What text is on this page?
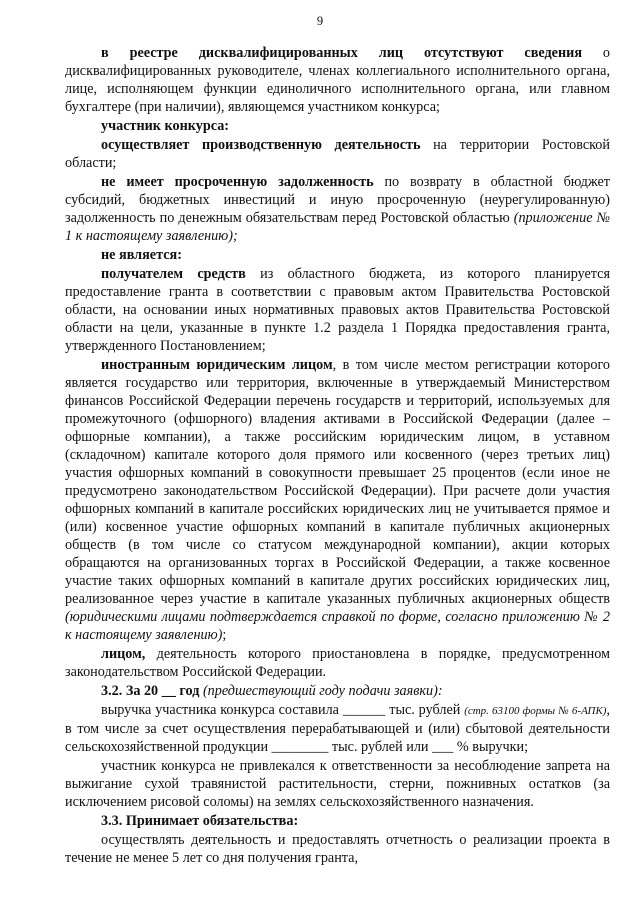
9

в реестре дисквалифицированных лиц отсутствуют сведения о дисквалифицированных руководителе, членах коллегиального исполнительного органа, лице, исполняющем функции единоличного исполнительного органа, или главном бухгалтере (при наличии), являющемся участником конкурса;

участник конкурса:

осуществляет производственную деятельность на территории Ростовской области;

не имеет просроченную задолженность по возврату в областной бюджет субсидий, бюджетных инвестиций и иную просроченную (неурегулированную) задолженность по денежным обязательствам перед Ростовской областью (приложение № 1 к настоящему заявлению);

не является:

получателем средств из областного бюджета, из которого планируется предоставление гранта в соответствии с правовым актом Правительства Ростовской области, на основании иных нормативных правовых актов Правительства Ростовской области на цели, указанные в пункте 1.2 раздела 1 Порядка предоставления гранта, утвержденного Постановлением;

иностранным юридическим лицом, в том числе местом регистрации которого является государство или территория, включенные в утверждаемый Министерством финансов Российской Федерации перечень государств и территорий, используемых для промежуточного (офшорного) владения активами в Российской Федерации (далее – офшорные компании), а также российским юридическим лицом, в уставном (складочном) капитале которого доля прямого или косвенного (через третьих лиц) участия офшорных компаний в совокупности превышает 25 процентов (если иное не предусмотрено законодательством Российской Федерации). При расчете доли участия офшорных компаний в капитале российских юридических лиц не учитывается прямое и (или) косвенное участие офшорных компаний в капитале публичных акционерных обществ (в том числе со статусом международной компании), акции которых обращаются на организованных торгах в Российской Федерации, а также косвенное участие таких офшорных компаний в капитале других российских юридических лиц, реализованное через участие в капитале указанных публичных акционерных обществ (юридическими лицами подтверждается справкой по форме, согласно приложению № 2 к настоящему заявлению);

лицом, деятельность которого приостановлена в порядке, предусмотренном законодательством Российской Федерации.

3.2. За 20 __ год (предшествующий году подачи заявки):

выручка участника конкурса составила ______ тыс. рублей (стр. 63100 формы № 6-АПК), в том числе за счет осуществления перерабатывающей и (или) сбытовой деятельности сельскохозяйственной продукции ________ тыс. рублей или ___ % выручки;

участник конкурса не привлекался к ответственности за несоблюдение запрета на выжигание сухой травянистой растительности, стерни, пожнивных остатков (за исключением рисовой соломы) на землях сельскохозяйственного назначения.

3.3. Принимает обязательства:

осуществлять деятельность и предоставлять отчетность о реализации проекта в течение не менее 5 лет со дня получения гранта,
